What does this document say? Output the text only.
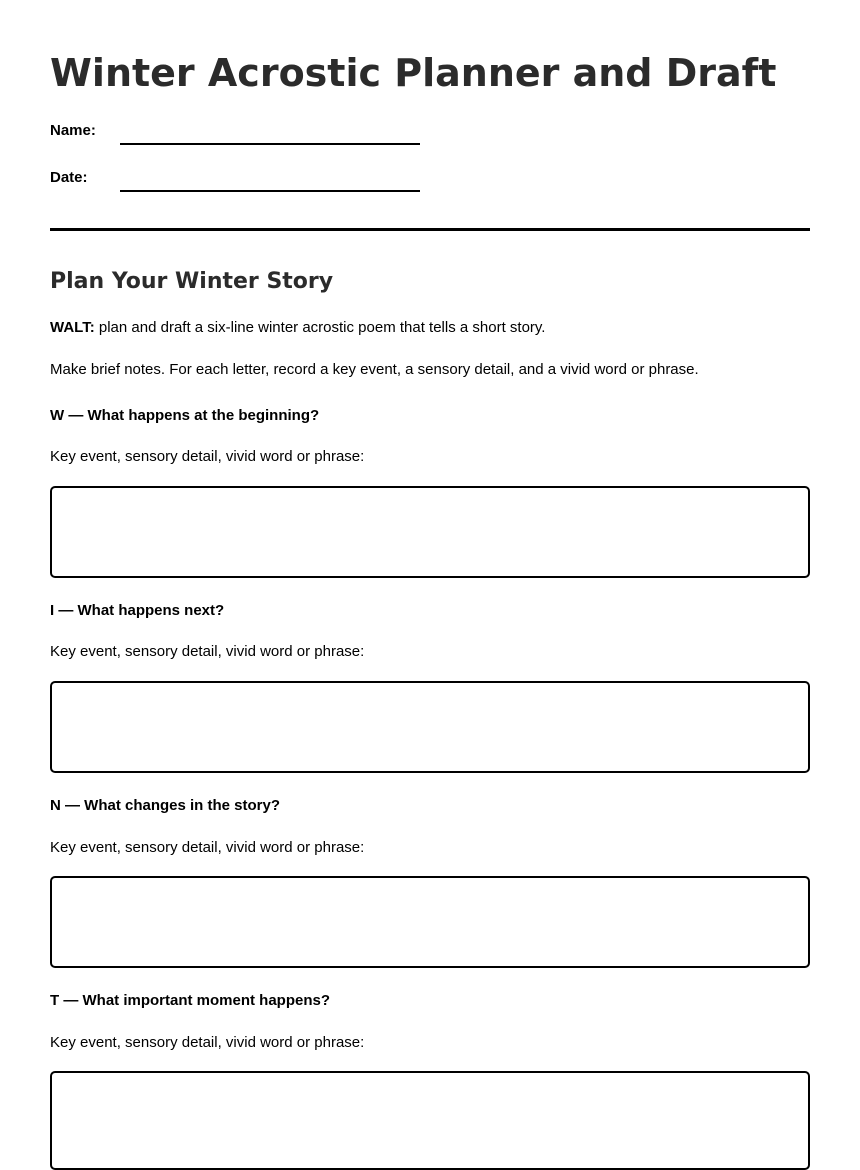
Winter Acrostic Planner and Draft
Name:
Date:
Plan Your Winter Story

WALT: plan and draft a six-line winter acrostic poem that tells a short story.

Make brief notes. For each letter, record a key event, a sensory detail, and a vivid word or phrase.

W — What happens at the beginning?

Key event, sensory detail, vivid word or phrase:

I — What happens next?

Key event, sensory detail, vivid word or phrase:

N — What changes in the story?

Key event, sensory detail, vivid word or phrase:

T — What important moment happens?

Key event, sensory detail, vivid word or phrase:
